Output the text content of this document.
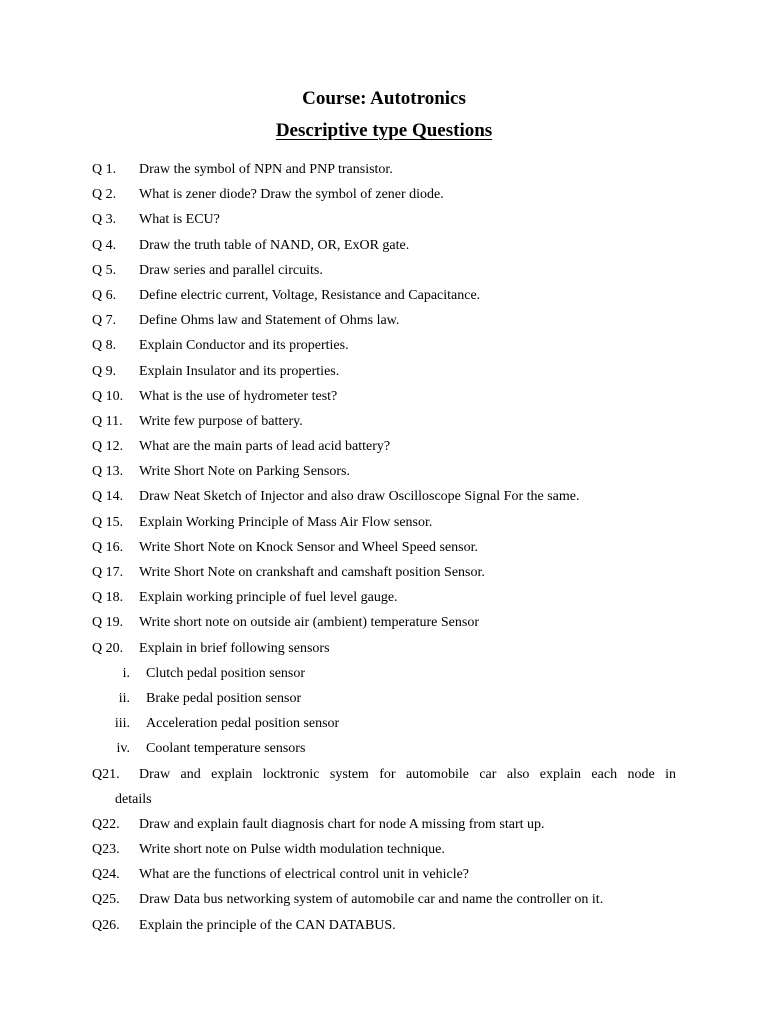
Course: Autotronics
Descriptive type Questions
Q 1.	Draw the symbol of NPN and PNP transistor.
Q 2.	What is zener diode? Draw the symbol of zener diode.
Q 3.	What is ECU?
Q 4.	Draw the truth table of NAND, OR, ExOR gate.
Q 5.	Draw series and parallel circuits.
Q 6.	Define electric current, Voltage, Resistance and Capacitance.
Q 7.	Define Ohms law and Statement of Ohms law.
Q 8.	Explain Conductor and its properties.
Q 9.	Explain Insulator and its properties.
Q 10.	What is the use of hydrometer test?
Q 11.	Write few purpose of battery.
Q 12.	What are the main parts of lead acid battery?
Q 13.	Write Short Note on Parking Sensors.
Q 14.	Draw Neat Sketch of Injector and also draw Oscilloscope Signal For the same.
Q 15.	Explain Working Principle of Mass Air Flow sensor.
Q 16.	Write Short Note on Knock Sensor and Wheel Speed sensor.
Q 17.	Write Short Note on crankshaft and camshaft position Sensor.
Q 18.	Explain working principle of fuel level gauge.
Q 19.	Write short note on outside air (ambient) temperature Sensor
Q 20.	Explain in brief following sensors
i.	Clutch pedal position sensor
ii.	Brake pedal position sensor
iii.	Acceleration pedal position sensor
iv.	Coolant temperature sensors
Q21.	Draw and explain locktronic system for automobile car also explain each node in
details
Q22.	Draw and explain fault diagnosis chart for node A missing from start up.
Q23.	Write short note on Pulse width modulation technique.
Q24.	What are the functions of electrical control unit in vehicle?
Q25.	Draw Data bus networking system of automobile car and name the controller on it.
Q26.	Explain the principle of the CAN DATABUS.
